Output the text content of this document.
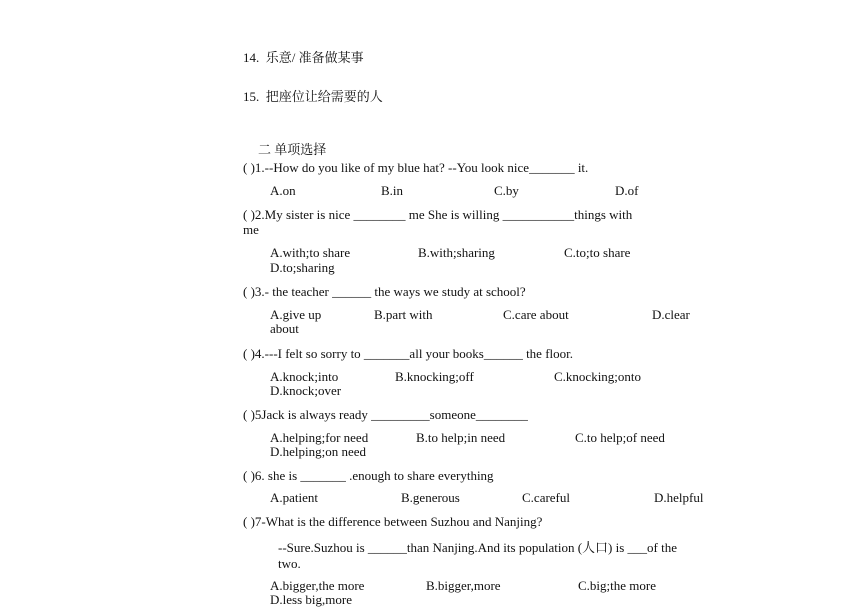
14. 乐意/ 准备做某事
15. 把座位让给需要的人
二 单项选择
( )1.--How do you like of my blue hat? --You look nice_______ it.
A.on	B.in	C.by	D.of
( )2.My sister is nice ________ me She is willing ___________things with
me
A.with;to share	B.with;sharing	C.to;to share
D.to;sharing
( )3.- the teacher ______ the ways we study at school?
A.give up	B.part with	C.care about	D.clear
about
( )4.---I felt so sorry to _______all your books______ the floor.
A.knock;into	B.knocking;off	C.knocking;onto
D.knock;over
( )5Jack is always ready _________someone________
A.helping;for need	B.to help;in need	C.to help;of need
D.helping;on need
( )6. she is _______ .enough to share everything
A.patient	B.generous	C.careful	D.helpful
( )7-What is the difference between Suzhou and Nanjing?
--Sure.Suzhou is ______than Nanjing.And its population (人口) is ___of the
two.
A.bigger,the more	B.bigger,more	C.big;the more
D.less big,more
